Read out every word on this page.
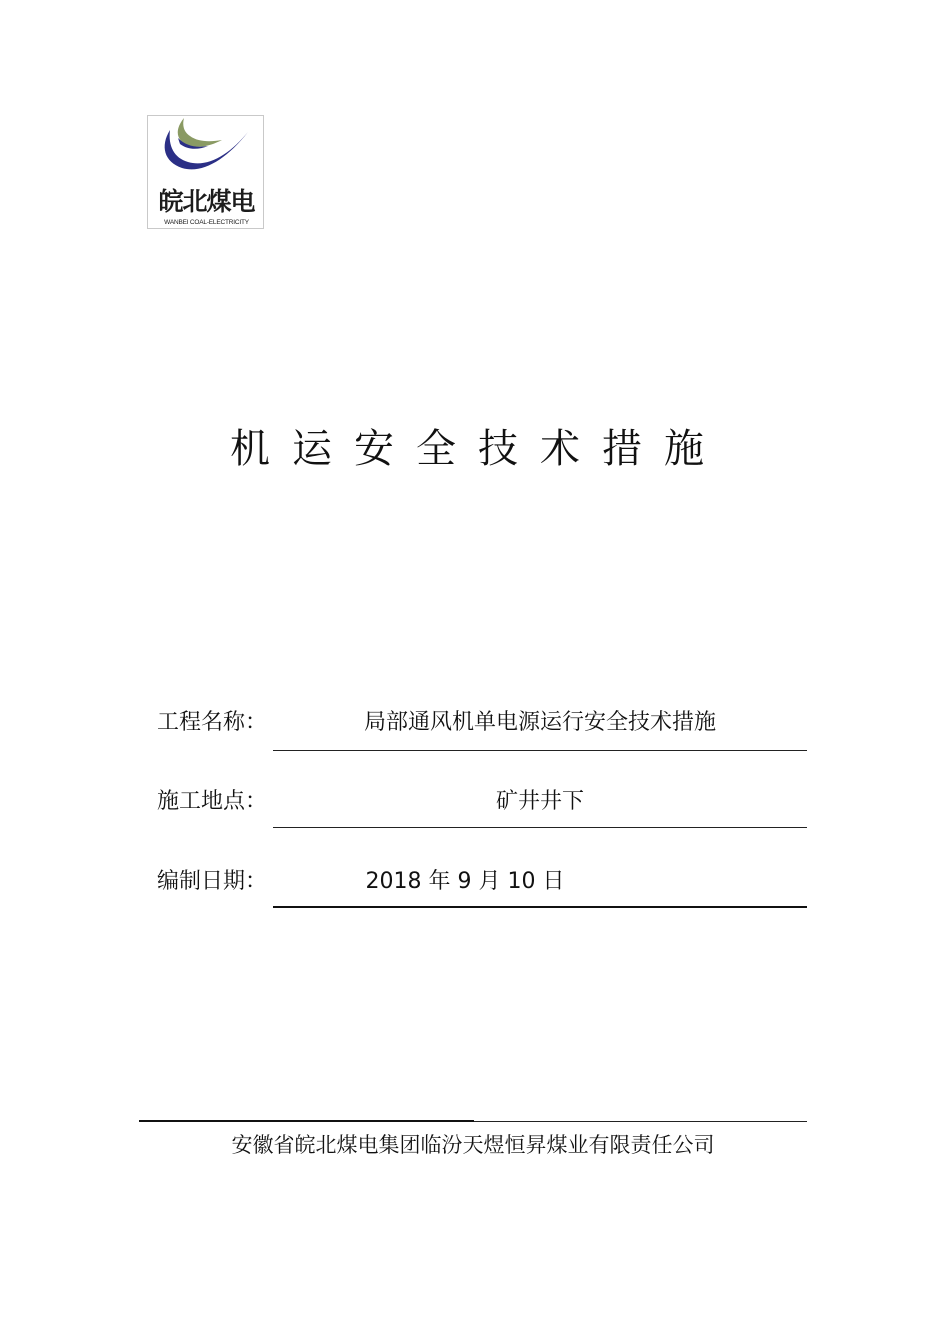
皖北煤电
WANBEI COAL-ELECTRICITY
机运安全技术措施
工程名称：	局部通风机单电源运行安全技术措施
施工地点：	矿井井下
编制日期：	2018 年 9 月 10 日
安徽省皖北煤电集团临汾天煜恒昇煤业有限责任公司
